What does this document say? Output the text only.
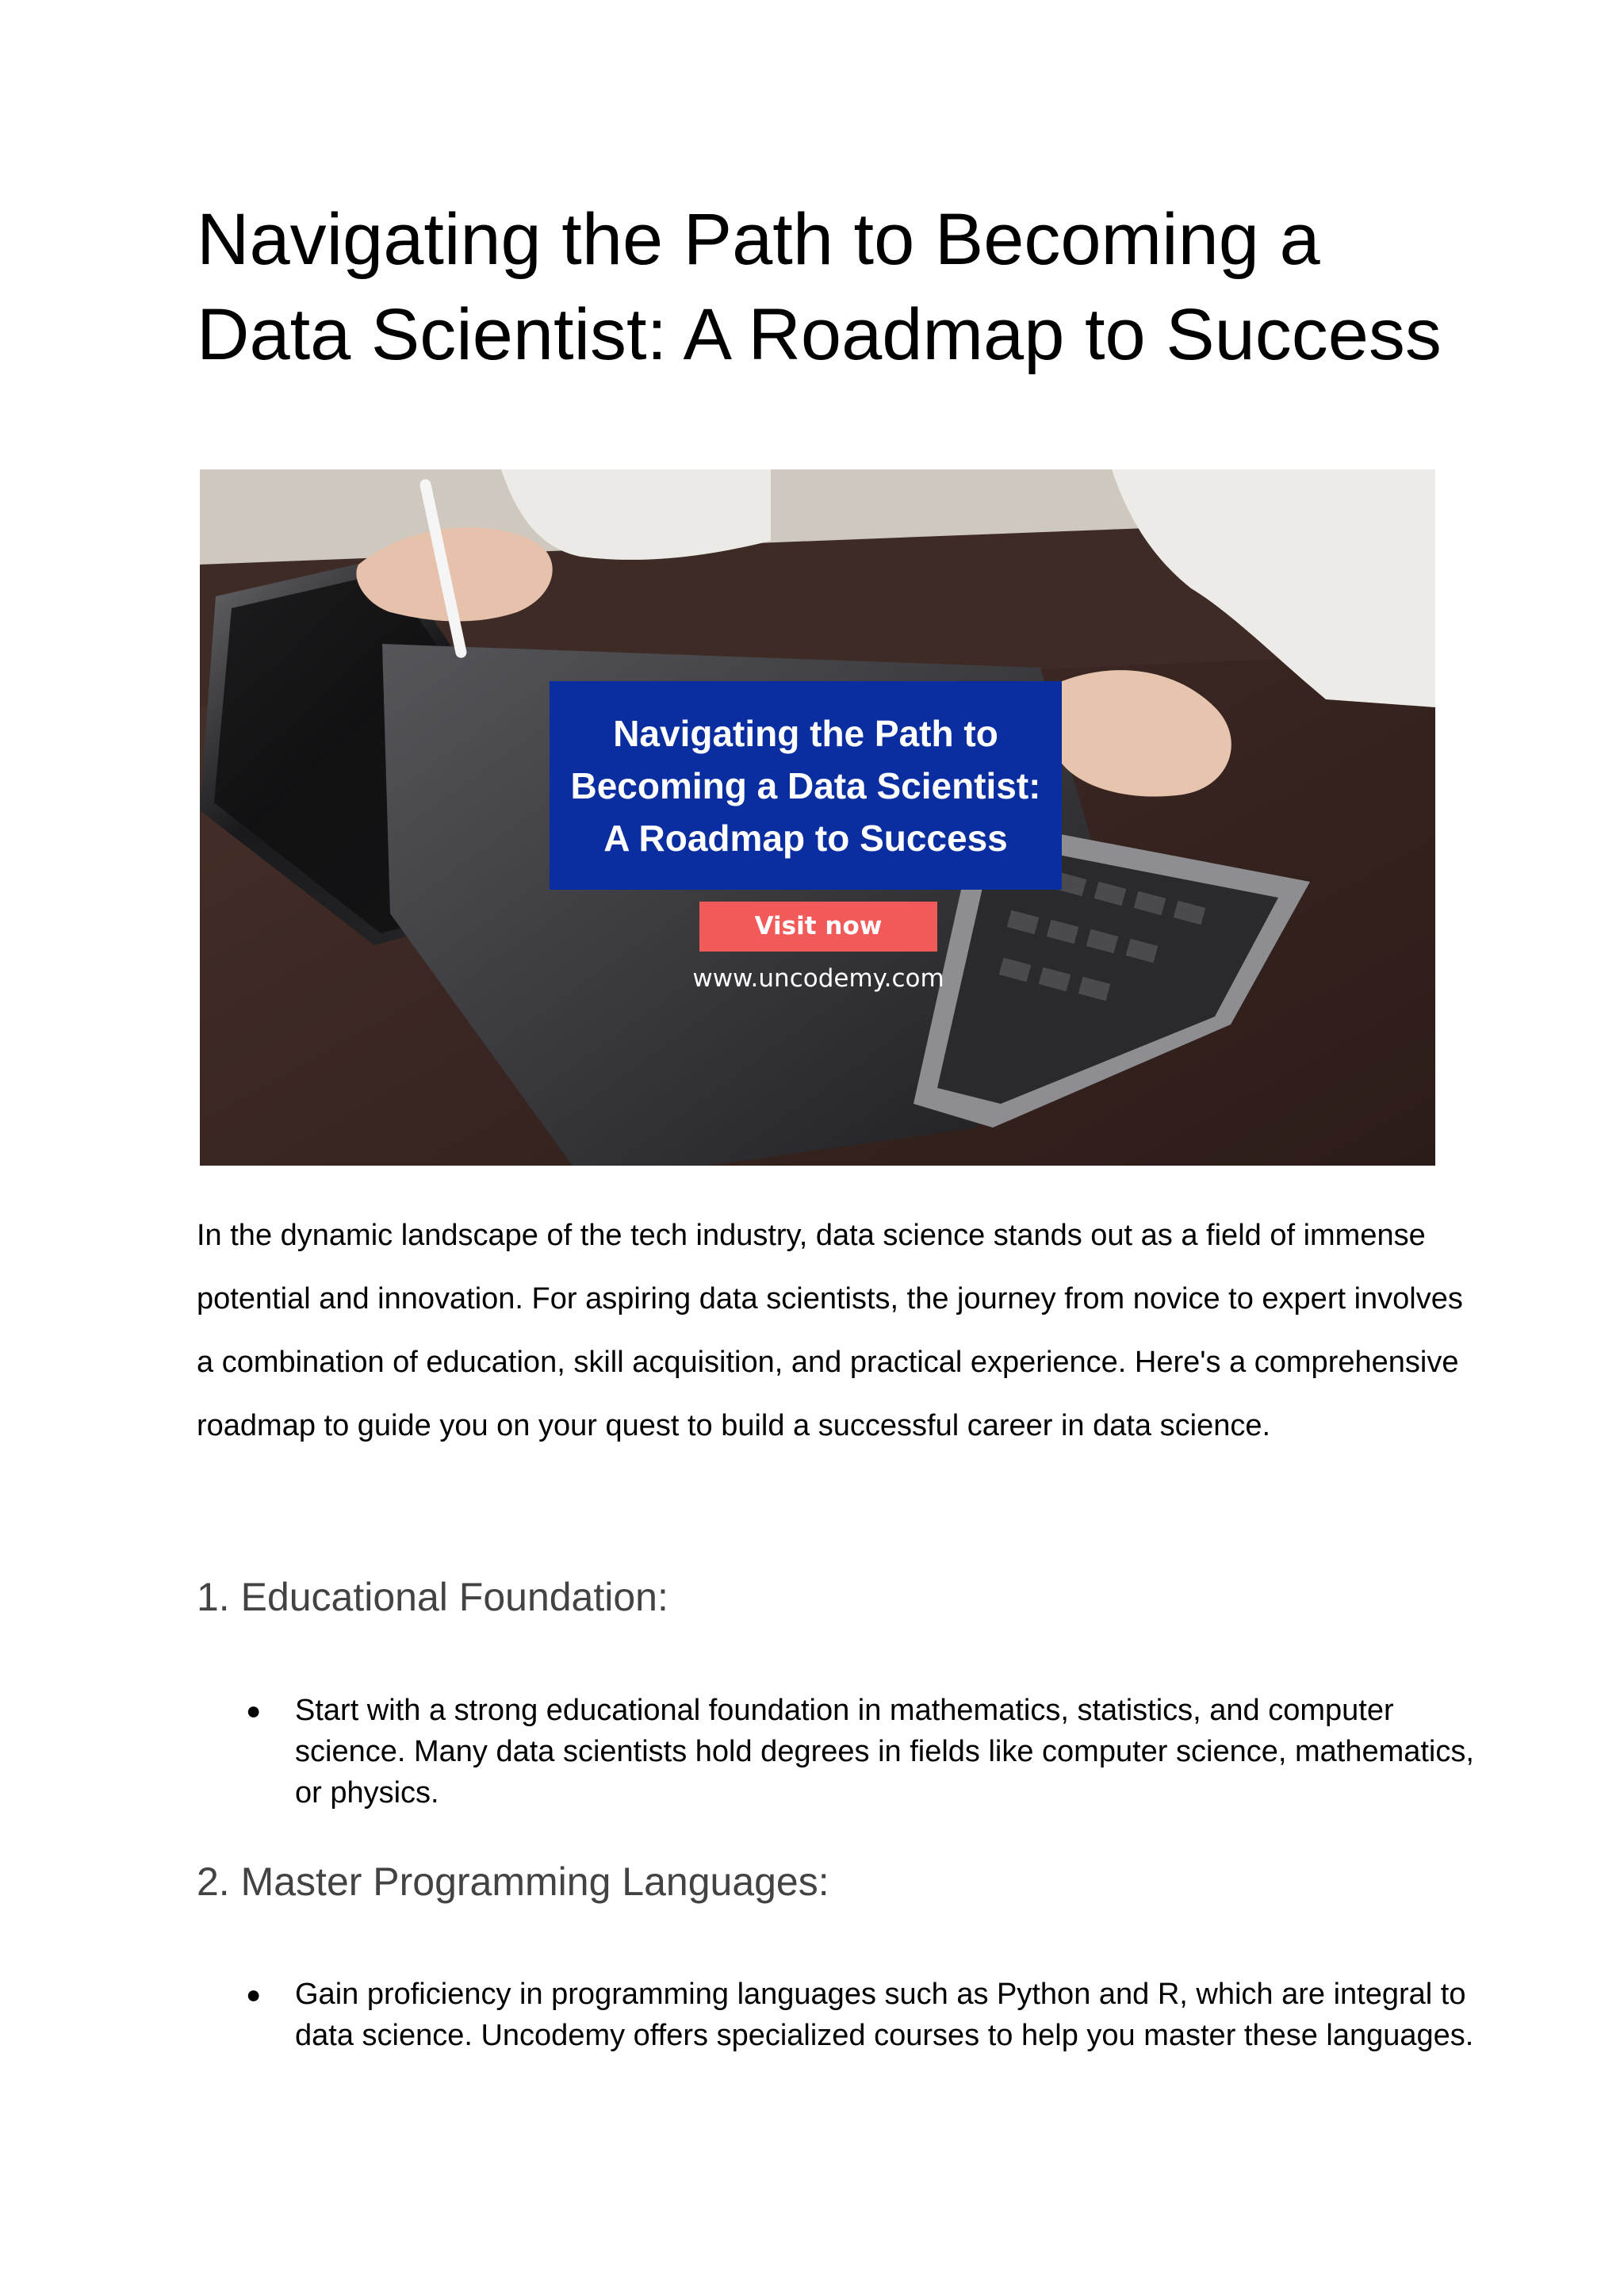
Navigating the Path to Becoming a Data Scientist: A Roadmap to Success
Navigating the Path to Becoming a Data Scientist: A Roadmap to Success
Visit now
www.uncodemy.com

In the dynamic landscape of the tech industry, data science stands out as a field of immense potential and innovation. For aspiring data scientists, the journey from novice to expert involves a combination of education, skill acquisition, and practical experience. Here's a comprehensive roadmap to guide you on your quest to build a successful career in data science.

1. Educational Foundation:
● Start with a strong educational foundation in mathematics, statistics, and computer science. Many data scientists hold degrees in fields like computer science, mathematics, or physics.
2. Master Programming Languages:
● Gain proficiency in programming languages such as Python and R, which are integral to data science. Uncodemy offers specialized courses to help you master these languages.
